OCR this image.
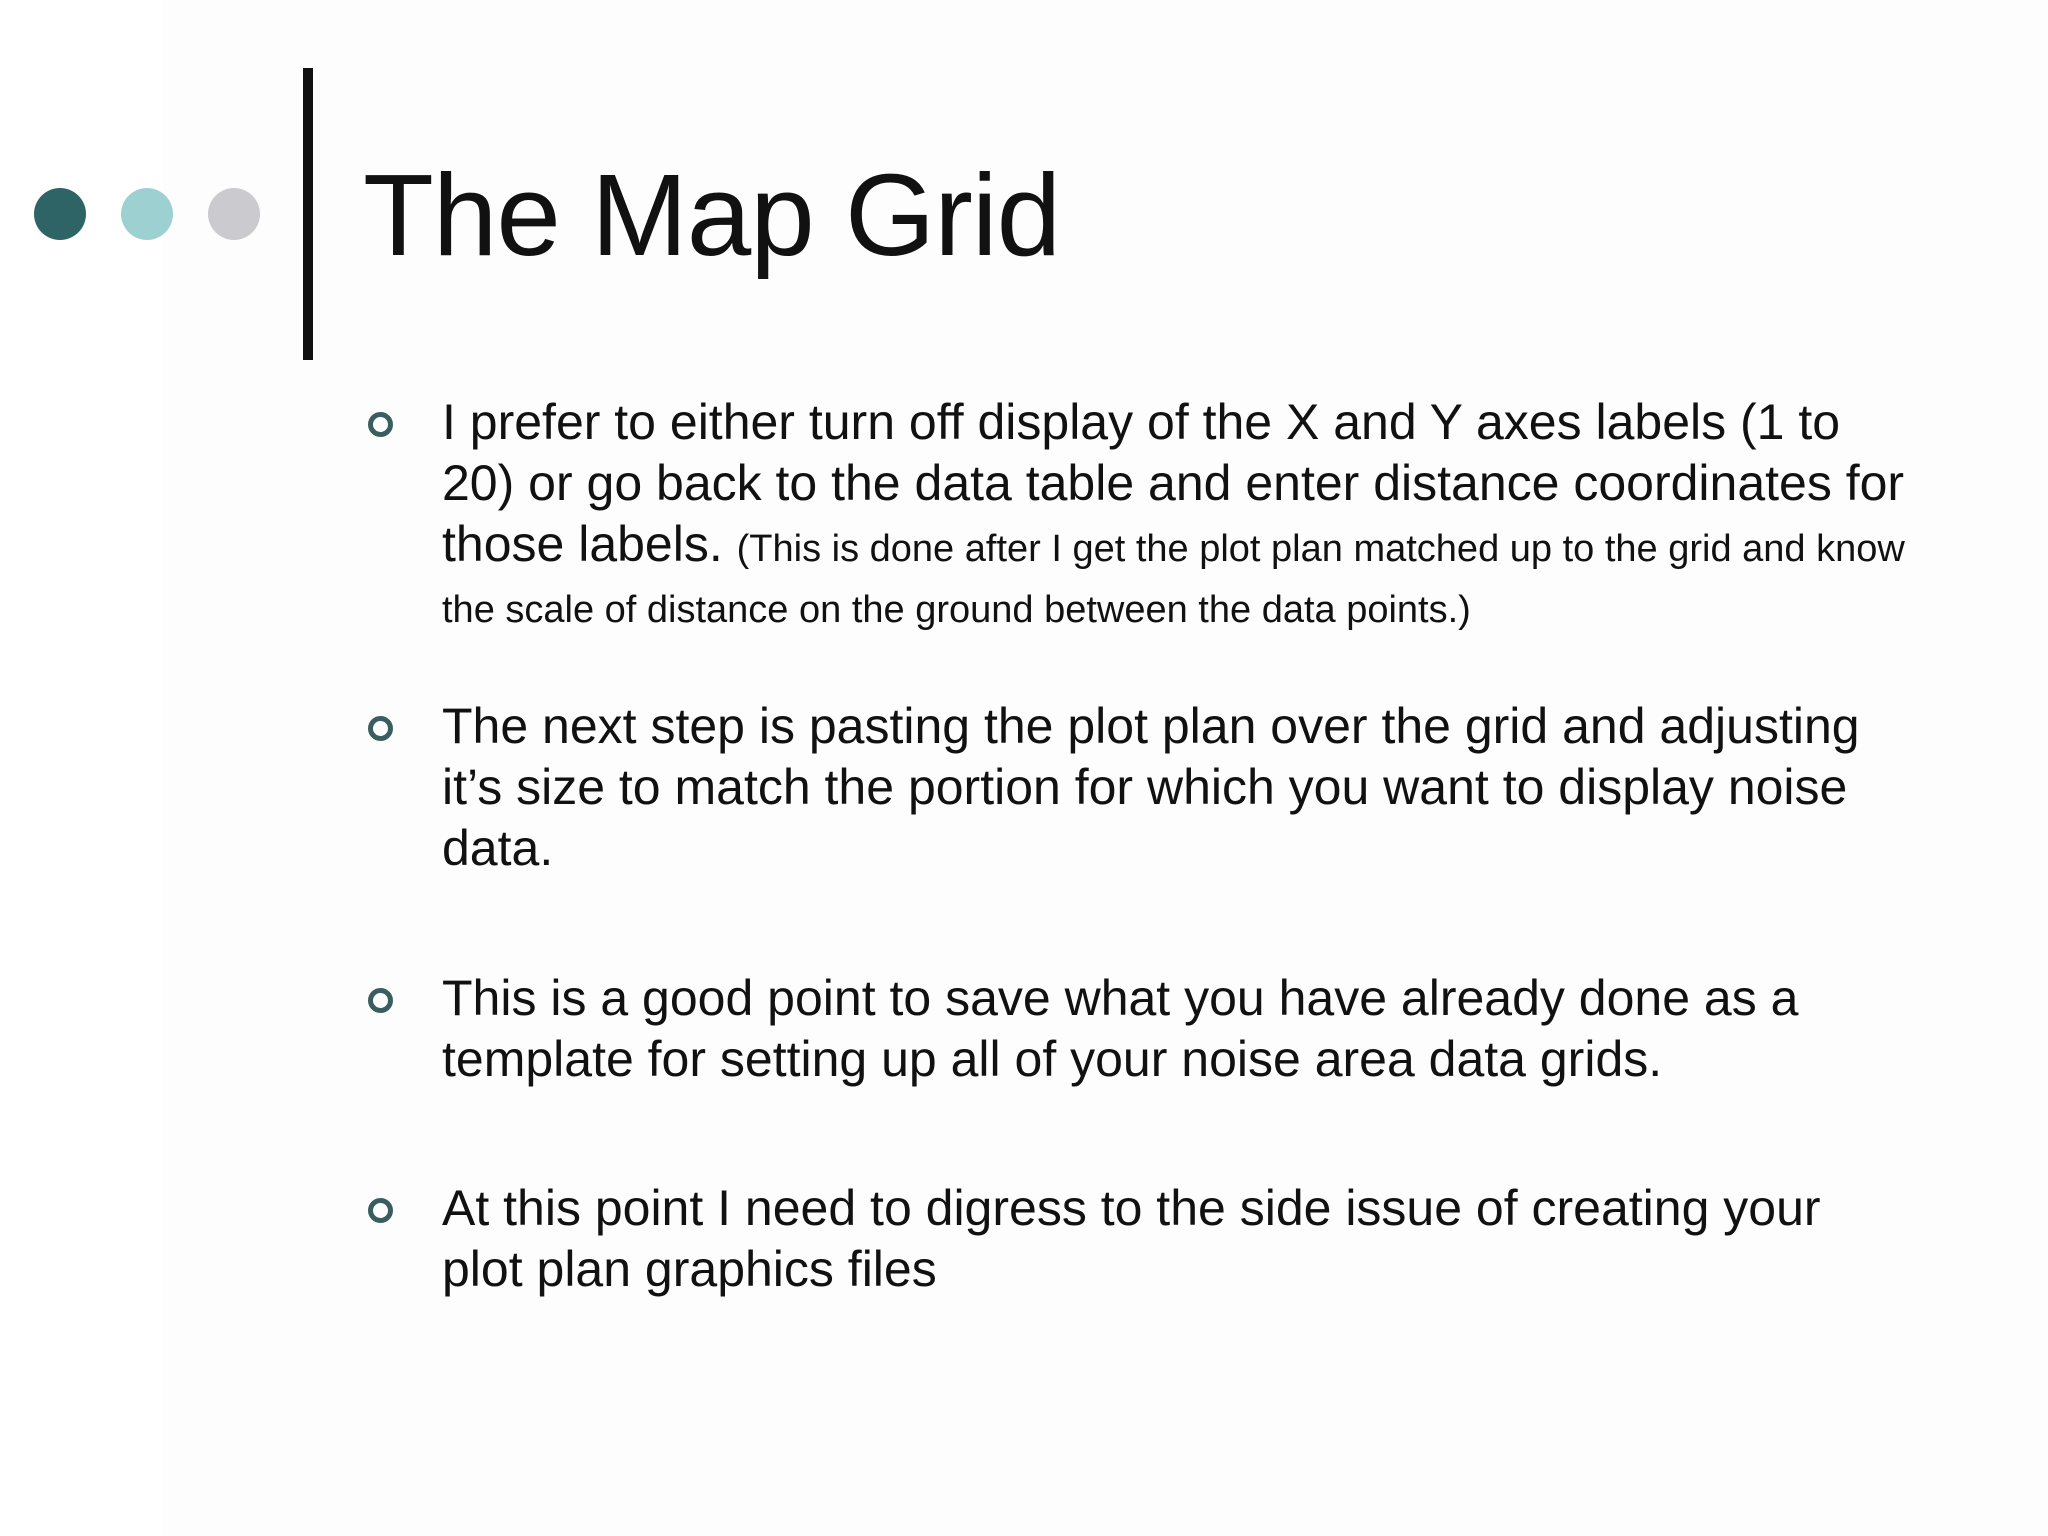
The Map Grid
I prefer to either turn off display of the X and Y axes labels (1 to 20) or go back to the data table and enter distance coordinates for those labels. (This is done after I get the plot plan matched up to the grid and know the scale of distance on the ground between the data points.)
The next step is pasting the plot plan over the grid and adjusting it’s size to match the portion for which you want to display noise data.
This is a good point to save what you have already done as a template for setting up all of your noise area data grids.
At this point I need to digress to the side issue of creating your plot plan graphics files
